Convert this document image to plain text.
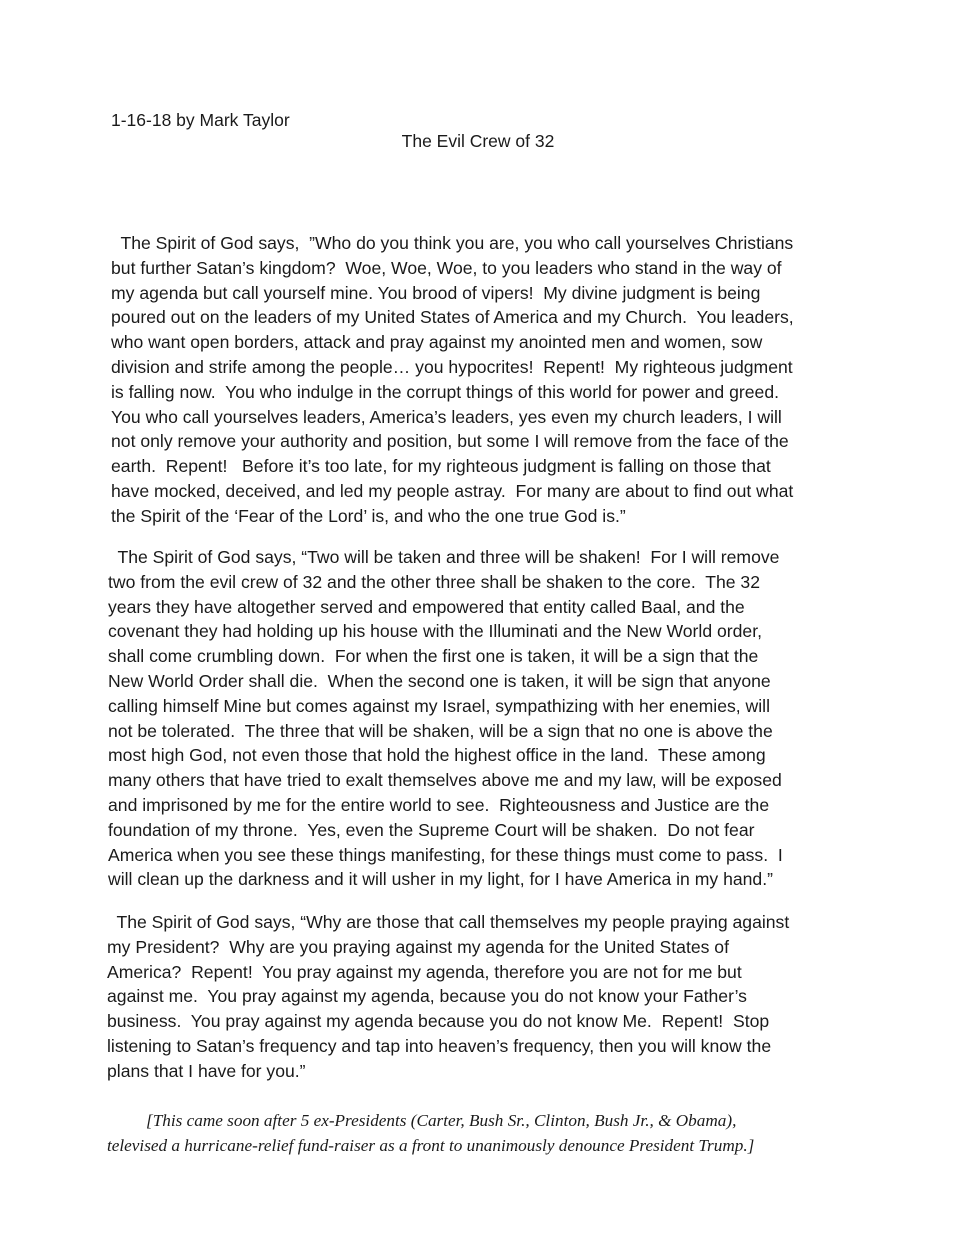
1-16-18 by Mark Taylor

The Evil Crew of 32

The Spirit of God says,  ”Who do you think you are, you who call yourselves Christians
but further Satan’s kingdom?  Woe, Woe, Woe, to you leaders who stand in the way of
my agenda but call yourself mine. You brood of vipers!  My divine judgment is being
poured out on the leaders of my United States of America and my Church.  You leaders,
who want open borders, attack and pray against my anointed men and women, sow
division and strife among the people… you hypocrites!  Repent!  My righteous judgment
is falling now.  You who indulge in the corrupt things of this world for power and greed.
You who call yourselves leaders, America’s leaders, yes even my church leaders, I will
not only remove your authority and position, but some I will remove from the face of the
earth.  Repent!   Before it’s too late, for my righteous judgment is falling on those that
have mocked, deceived, and led my people astray.  For many are about to find out what
the Spirit of the ‘Fear of the Lord’ is, and who the one true God is.”

The Spirit of God says, “Two will be taken and three will be shaken!  For I will remove
two from the evil crew of 32 and the other three shall be shaken to the core.  The 32
years they have altogether served and empowered that entity called Baal, and the
covenant they had holding up his house with the Illuminati and the New World order,
shall come crumbling down.  For when the first one is taken, it will be a sign that the
New World Order shall die.  When the second one is taken, it will be sign that anyone
calling himself Mine but comes against my Israel, sympathizing with her enemies, will
not be tolerated.  The three that will be shaken, will be a sign that no one is above the
most high God, not even those that hold the highest office in the land.  These among
many others that have tried to exalt themselves above me and my law, will be exposed
and imprisoned by me for the entire world to see.  Righteousness and Justice are the
foundation of my throne.  Yes, even the Supreme Court will be shaken.  Do not fear
America when you see these things manifesting, for these things must come to pass.  I
will clean up the darkness and it will usher in my light, for I have America in my hand.”

The Spirit of God says, “Why are those that call themselves my people praying against
my President?  Why are you praying against my agenda for the United States of
America?  Repent!  You pray against my agenda, therefore you are not for me but
against me.  You pray against my agenda, because you do not know your Father’s
business.  You pray against my agenda because you do not know Me.  Repent!  Stop
listening to Satan’s frequency and tap into heaven’s frequency, then you will know the
plans that I have for you.”

[This came soon after 5 ex-Presidents (Carter, Bush Sr., Clinton, Bush Jr., & Obama),
televised a hurricane-relief fund-raiser as a front to unanimously denounce President Trump.]
